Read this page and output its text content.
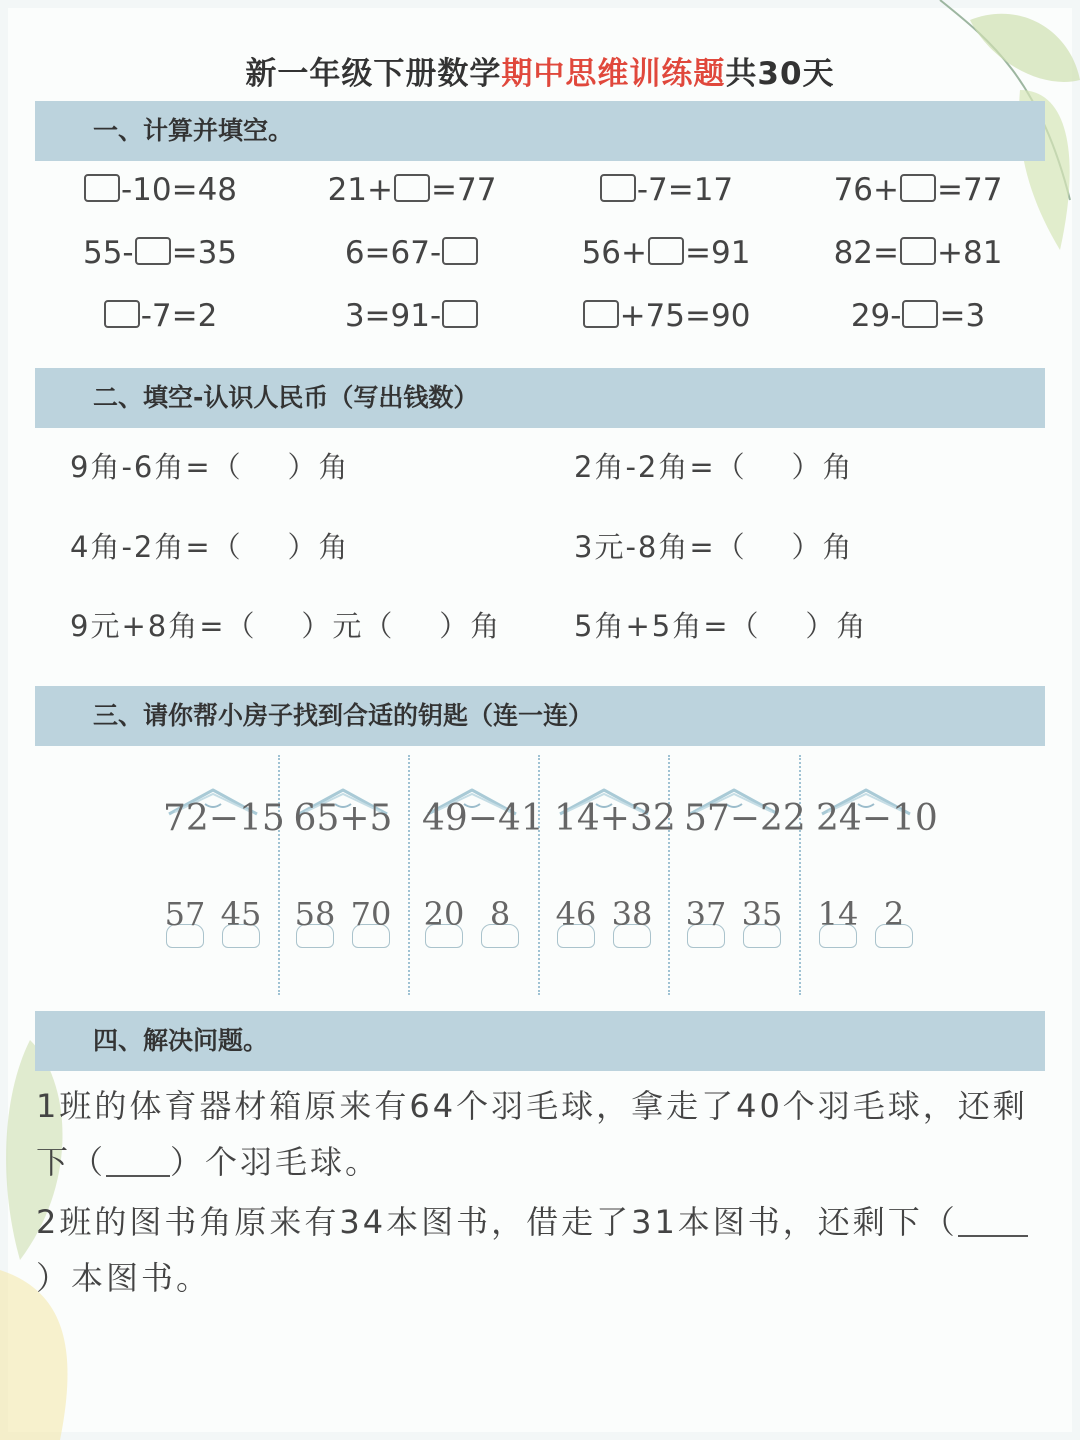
新一年级下册数学期中思维训练题共30天
一、计算并填空。
-10=48	21+ =77	-7=17	76+ =77
55- =35	6=67-	56+ =91	82= +81
-7=2	3=91-	+75=90	29- =3
二、填空-认识人民币（写出钱数）
9角-6角=（    ）角	2角-2角=（    ）角
4角-2角=（    ）角	3元-8角=（    ）角
9元+8角=（    ）元（    ）角	5角+5角=（    ）角
三、请你帮小房子找到合适的钥匙（连一连）
72−15
57 45
65+5
58 70
49−41
20 8
14+32
46 38
57−22
37 35
24−10
14 2
四、解决问题。
1班的体育器材箱原来有64个羽毛球，拿走了40个羽毛球，还剩下（ ）个羽毛球。
2班的图书角原来有34本图书，借走了31本图书，还剩下（）本图书。
